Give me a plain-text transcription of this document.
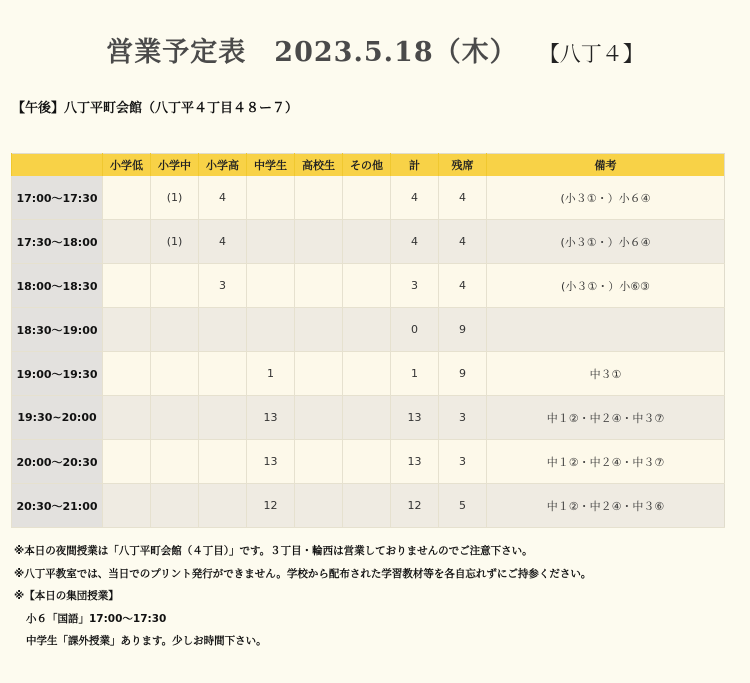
営業予定表　2023.5.18（木） 【八丁４】
【午後】八丁平町会館（八丁平４丁目４８ー７）
	小学低	小学中	小学高	中学生	高校生	その他	計	残席	備考
17:00〜17:30		(1)	4				4	4	(小３①・）小６④
17:30〜18:00		(1)	4				4	4	(小３①・）小６④
18:00〜18:30			3				3	4	(小３①・）小⑥③
18:30〜19:00							0	9	
19:00〜19:30				1			1	9	中３①
19:30~20:00				13			13	3	中１②・中２④・中３⑦
20:00〜20:30				13			13	3	中１②・中２④・中３⑦
20:30〜21:00				12			12	5	中１②・中２④・中３⑥
※本日の夜間授業は「八丁平町会館（４丁目）」です。３丁目・輪西は営業しておりませんのでご注意下さい。
※八丁平教室では、当日でのプリント発行ができません。学校から配布された学習教材等を各自忘れずにご持参ください。
※【本日の集団授業】
小６「国語」17:00〜17:30
中学生「課外授業」あります。少しお時間下さい。
